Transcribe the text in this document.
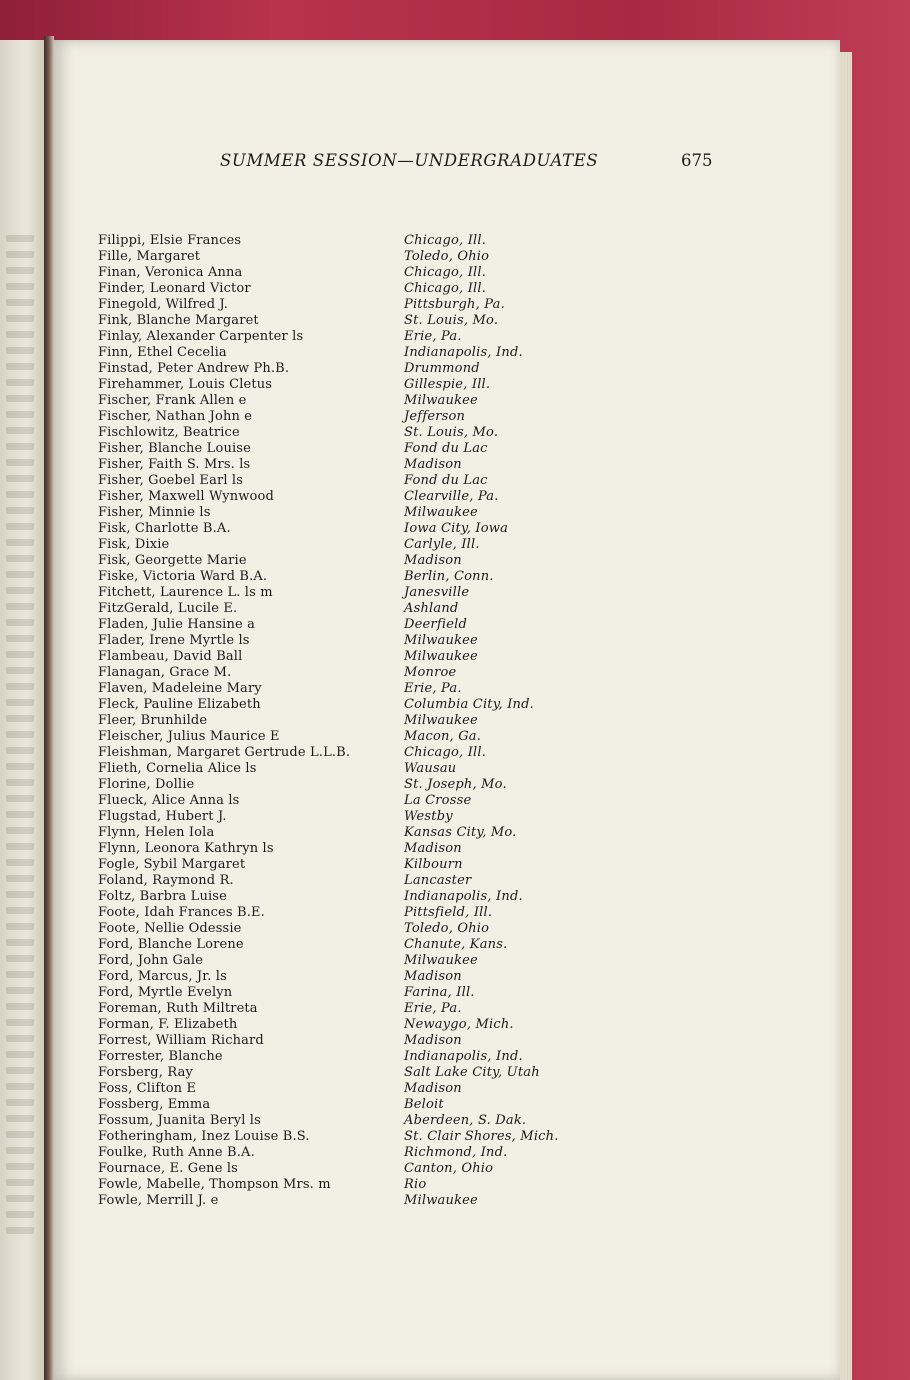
SUMMER SESSION—UNDERGRADUATES	675
Filippi, Elsie Frances	Chicago, Ill.
Fille, Margaret	Toledo, Ohio
Finan, Veronica Anna	Chicago, Ill.
Finder, Leonard Victor	Chicago, Ill.
Finegold, Wilfred J.	Pittsburgh, Pa.
Fink, Blanche Margaret	St. Louis, Mo.
Finlay, Alexander Carpenter ls	Erie, Pa.
Finn, Ethel Cecelia	Indianapolis, Ind.
Finstad, Peter Andrew Ph.B.	Drummond
Firehammer, Louis Cletus	Gillespie, Ill.
Fischer, Frank Allen e	Milwaukee
Fischer, Nathan John e	Jefferson
Fischlowitz, Beatrice	St. Louis, Mo.
Fisher, Blanche Louise	Fond du Lac
Fisher, Faith S. Mrs. ls	Madison
Fisher, Goebel Earl ls	Fond du Lac
Fisher, Maxwell Wynwood	Clearville, Pa.
Fisher, Minnie ls	Milwaukee
Fisk, Charlotte B.A.	Iowa City, Iowa
Fisk, Dixie	Carlyle, Ill.
Fisk, Georgette Marie	Madison
Fiske, Victoria Ward B.A.	Berlin, Conn.
Fitchett, Laurence L. ls m	Janesville
FitzGerald, Lucile E.	Ashland
Fladen, Julie Hansine a	Deerfield
Flader, Irene Myrtle ls	Milwaukee
Flambeau, David Ball	Milwaukee
Flanagan, Grace M.	Monroe
Flaven, Madeleine Mary	Erie, Pa.
Fleck, Pauline Elizabeth	Columbia City, Ind.
Fleer, Brunhilde	Milwaukee
Fleischer, Julius Maurice E	Macon, Ga.
Fleishman, Margaret Gertrude L.L.B.	Chicago, Ill.
Flieth, Cornelia Alice ls	Wausau
Florine, Dollie	St. Joseph, Mo.
Flueck, Alice Anna ls	La Crosse
Flugstad, Hubert J.	Westby
Flynn, Helen Iola	Kansas City, Mo.
Flynn, Leonora Kathryn ls	Madison
Fogle, Sybil Margaret	Kilbourn
Foland, Raymond R.	Lancaster
Foltz, Barbra Luise	Indianapolis, Ind.
Foote, Idah Frances B.E.	Pittsfield, Ill.
Foote, Nellie Odessie	Toledo, Ohio
Ford, Blanche Lorene	Chanute, Kans.
Ford, John Gale	Milwaukee
Ford, Marcus, Jr. ls	Madison
Ford, Myrtle Evelyn	Farina, Ill.
Foreman, Ruth Miltreta	Erie, Pa.
Forman, F. Elizabeth	Newaygo, Mich.
Forrest, William Richard	Madison
Forrester, Blanche	Indianapolis, Ind.
Forsberg, Ray	Salt Lake City, Utah
Foss, Clifton E	Madison
Fossberg, Emma	Beloit
Fossum, Juanita Beryl ls	Aberdeen, S. Dak.
Fotheringham, Inez Louise B.S.	St. Clair Shores, Mich.
Foulke, Ruth Anne B.A.	Richmond, Ind.
Fournace, E. Gene ls	Canton, Ohio
Fowle, Mabelle, Thompson Mrs. m	Rio
Fowle, Merrill J. e	Milwaukee
